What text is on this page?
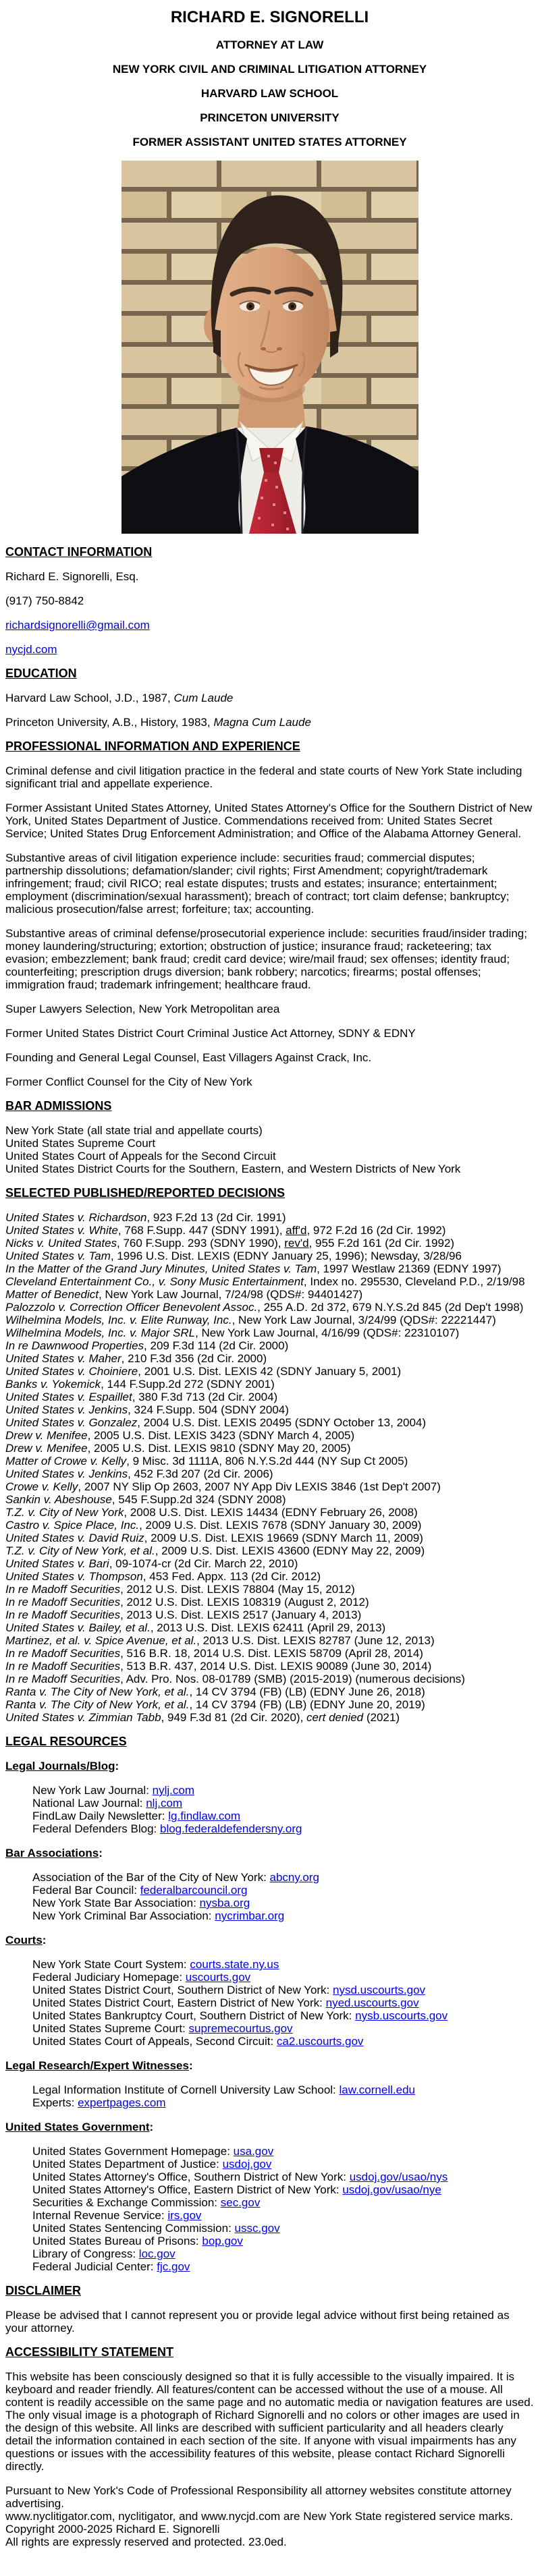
RICHARD E. SIGNORELLI

ATTORNEY AT LAW

NEW YORK CIVIL AND CRIMINAL LITIGATION ATTORNEY

HARVARD LAW SCHOOL

PRINCETON UNIVERSITY

FORMER ASSISTANT UNITED STATES ATTORNEY

CONTACT INFORMATION

Richard E. Signorelli, Esq.

(917) 750-8842

richardsignorelli@gmail.com

nycjd.com

EDUCATION

Harvard Law School, J.D., 1987, Cum Laude

Princeton University, A.B., History, 1983, Magna Cum Laude

PROFESSIONAL INFORMATION AND EXPERIENCE

Criminal defense and civil litigation practice in the federal and state courts of New York State including significant trial and appellate experience.

Former Assistant United States Attorney, United States Attorney's Office for the Southern District of New York, United States Department of Justice. Commendations received from: United States Secret Service; United States Drug Enforcement Administration; and Office of the Alabama Attorney General.

Substantive areas of civil litigation experience include: securities fraud; commercial disputes; partnership dissolutions; defamation/slander; civil rights; First Amendment; copyright/trademark infringement; fraud; civil RICO; real estate disputes; trusts and estates; insurance; entertainment; employment (discrimination/sexual harassment); breach of contract; tort claim defense; bankruptcy; malicious prosecution/false arrest; forfeiture; tax; accounting.

Substantive areas of criminal defense/prosecutorial experience include: securities fraud/insider trading; money laundering/structuring; extortion; obstruction of justice; insurance fraud; racketeering; tax evasion; embezzlement; bank fraud; credit card device; wire/mail fraud; sex offenses; identity fraud; counterfeiting; prescription drugs diversion; bank robbery; narcotics; firearms; postal offenses; immigration fraud; trademark infringement; healthcare fraud.

Super Lawyers Selection, New York Metropolitan area

Former United States District Court Criminal Justice Act Attorney, SDNY & EDNY

Founding and General Legal Counsel, East Villagers Against Crack, Inc.

Former Conflict Counsel for the City of New York

BAR ADMISSIONS

New York State (all state trial and appellate courts)
United States Supreme Court
United States Court of Appeals for the Second Circuit
United States District Courts for the Southern, Eastern, and Western Districts of New York

SELECTED PUBLISHED/REPORTED DECISIONS

United States v. Richardson, 923 F.2d 13 (2d Cir. 1991)
United States v. White, 768 F.Supp. 447 (SDNY 1991), aff'd, 972 F.2d 16 (2d Cir. 1992)
Nicks v. United States, 760 F.Supp. 293 (SDNY 1990), rev'd, 955 F.2d 161 (2d Cir. 1992)
United States v. Tam, 1996 U.S. Dist. LEXIS (EDNY January 25, 1996); Newsday, 3/28/96
In the Matter of the Grand Jury Minutes, United States v. Tam, 1997 Westlaw 21369 (EDNY 1997)
Cleveland Entertainment Co., v. Sony Music Entertainment, Index no. 295530, Cleveland P.D., 2/19/98
Matter of Benedict, New York Law Journal, 7/24/98 (QDS#: 94401427)
Palozzolo v. Correction Officer Benevolent Assoc., 255 A.D. 2d 372, 679 N.Y.S.2d 845 (2d Dep't 1998)
Wilhelmina Models, Inc. v. Elite Runway, Inc., New York Law Journal, 3/24/99 (QDS#: 22221447)
Wilhelmina Models, Inc. v. Major SRL, New York Law Journal, 4/16/99 (QDS#: 22310107)
In re Dawnwood Properties, 209 F.3d 114 (2d Cir. 2000)
United States v. Maher, 210 F.3d 356 (2d Cir. 2000)
United States v. Choiniere, 2001 U.S. Dist. LEXIS 42 (SDNY January 5, 2001)
Banks v. Yokemick, 144 F.Supp.2d 272 (SDNY 2001)
United States v. Espaillet, 380 F.3d 713 (2d Cir. 2004)
United States v. Jenkins, 324 F.Supp. 504 (SDNY 2004)
United States v. Gonzalez, 2004 U.S. Dist. LEXIS 20495 (SDNY October 13, 2004)
Drew v. Menifee, 2005 U.S. Dist. LEXIS 3423 (SDNY March 4, 2005)
Drew v. Menifee, 2005 U.S. Dist. LEXIS 9810 (SDNY May 20, 2005)
Matter of Crowe v. Kelly, 9 Misc. 3d 1111A, 806 N.Y.S.2d 444 (NY Sup Ct 2005)
United States v. Jenkins, 452 F.3d 207 (2d Cir. 2006)
Crowe v. Kelly, 2007 NY Slip Op 2603, 2007 NY App Div LEXIS 3846 (1st Dep't 2007)
Sankin v. Abeshouse, 545 F.Supp.2d 324 (SDNY 2008)
T.Z. v. City of New York, 2008 U.S. Dist. LEXIS 14434 (EDNY February 26, 2008)
Castro v. Spice Place, Inc., 2009 U.S. Dist. LEXIS 7678 (SDNY January 30, 2009)
United States v. David Ruiz, 2009 U.S. Dist. LEXIS 19669 (SDNY March 11, 2009)
T.Z. v. City of New York, et al., 2009 U.S. Dist. LEXIS 43600 (EDNY May 22, 2009)
United States v. Bari, 09-1074-cr (2d Cir. March 22, 2010)
United States v. Thompson, 453 Fed. Appx. 113 (2d Cir. 2012)
In re Madoff Securities, 2012 U.S. Dist. LEXIS 78804 (May 15, 2012)
In re Madoff Securities, 2012 U.S. Dist. LEXIS 108319 (August 2, 2012)
In re Madoff Securities, 2013 U.S. Dist. LEXIS 2517 (January 4, 2013)
United States v. Bailey, et al., 2013 U.S. Dist. LEXIS 62411 (April 29, 2013)
Martinez, et al. v. Spice Avenue, et al., 2013 U.S. Dist. LEXIS 82787 (June 12, 2013)
In re Madoff Securities, 516 B.R. 18, 2014 U.S. Dist. LEXIS 58709 (April 28, 2014)
In re Madoff Securities, 513 B.R. 437, 2014 U.S. Dist. LEXIS 90089 (June 30, 2014)
In re Madoff Securities, Adv. Pro. Nos. 08-01789 (SMB) (2015-2019) (numerous decisions)
Ranta v. The City of New York, et al., 14 CV 3794 (FB) (LB) (EDNY June 26, 2018)
Ranta v. The City of New York, et al., 14 CV 3794 (FB) (LB) (EDNY June 20, 2019)
United States v. Zimmian Tabb, 949 F.3d 81 (2d Cir. 2020), cert denied (2021)

LEGAL RESOURCES

Legal Journals/Blog:

New York Law Journal: nylj.com
National Law Journal: nlj.com
FindLaw Daily Newsletter: lg.findlaw.com
Federal Defenders Blog: blog.federaldefendersny.org

Bar Associations:

Association of the Bar of the City of New York: abcny.org
Federal Bar Council: federalbarcouncil.org
New York State Bar Association: nysba.org
New York Criminal Bar Association: nycrimbar.org

Courts:

New York State Court System: courts.state.ny.us
Federal Judiciary Homepage: uscourts.gov
United States District Court, Southern District of New York: nysd.uscourts.gov
United States District Court, Eastern District of New York: nyed.uscourts.gov
United States Bankruptcy Court, Southern District of New York: nysb.uscourts.gov
United States Supreme Court: supremecourtus.gov
United States Court of Appeals, Second Circuit: ca2.uscourts.gov

Legal Research/Expert Witnesses:

Legal Information Institute of Cornell University Law School: law.cornell.edu
Experts: expertpages.com

United States Government:

United States Government Homepage: usa.gov
United States Department of Justice: usdoj.gov
United States Attorney's Office, Southern District of New York: usdoj.gov/usao/nys
United States Attorney's Office, Eastern District of New York: usdoj.gov/usao/nye
Securities & Exchange Commission: sec.gov
Internal Revenue Service: irs.gov
United States Sentencing Commission: ussc.gov
United States Bureau of Prisons: bop.gov
Library of Congress: loc.gov
Federal Judicial Center: fjc.gov

DISCLAIMER

Please be advised that I cannot represent you or provide legal advice without first being retained as your attorney.

ACCESSIBILITY STATEMENT

This website has been consciously designed so that it is fully accessible to the visually impaired. It is keyboard and reader friendly. All features/content can be accessed without the use of a mouse. All content is readily accessible on the same page and no automatic media or navigation features are used. The only visual image is a photograph of Richard Signorelli and no colors or other images are used in the design of this website. All links are described with sufficient particularity and all headers clearly detail the information contained in each section of the site. If anyone with visual impairments has any questions or issues with the accessibility features of this website, please contact Richard Signorelli directly.

Pursuant to New York's Code of Professional Responsibility all attorney websites constitute attorney advertising.
www.nyclitigator.com, nyclitigator, and www.nycjd.com are New York State registered service marks.
Copyright 2000-2025 Richard E. Signorelli
All rights are expressly reserved and protected. 23.0ed.
